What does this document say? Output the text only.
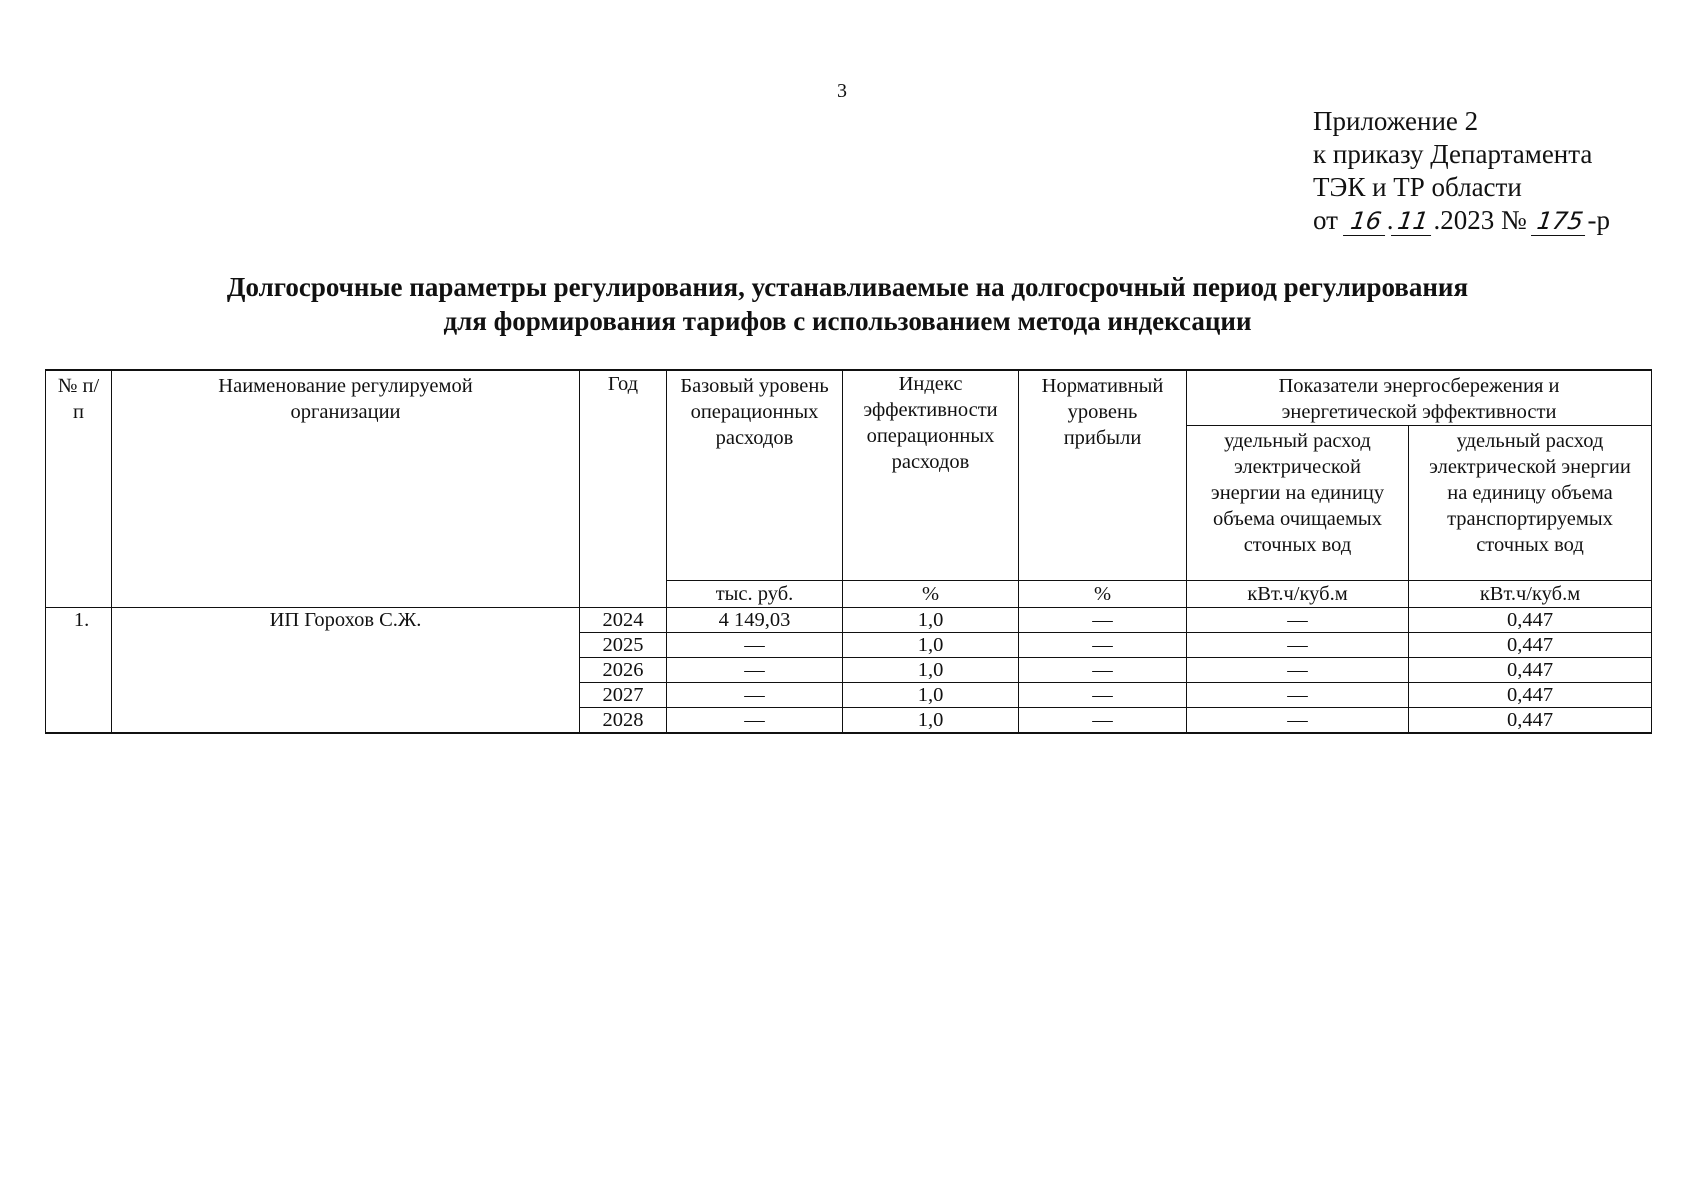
3
Приложение 2
к приказу Департамента
ТЭК и ТР области
от 16 . 11.2023 № 175-р
Долгосрочные параметры регулирования, устанавливаемые на долгосрочный период регулирования
для формирования тарифов с использованием метода индексации
№ п/п	Наименование регулируемой организации	Год	Базовый уровень операционных расходов	Индекс эффективности операционных расходов	Нормативный уровень прибыли	Показатели энергосбережения и энергетической эффективности	
						удельный расход электрической энергии на единицу объема очищаемых сточных вод	удельный расход электрической энергии на единицу объема транспортируемых сточных вод
			тыс. руб.	%	%	кВт.ч/куб.м	кВт.ч/куб.м
1.	ИП Горохов С.Ж.	2024	4 149,03	1,0	—	—	0,447
		2025	—	1,0	—	—	0,447
		2026	—	1,0	—	—	0,447
		2027	—	1,0	—	—	0,447
		2028	—	1,0	—	—	0,447
